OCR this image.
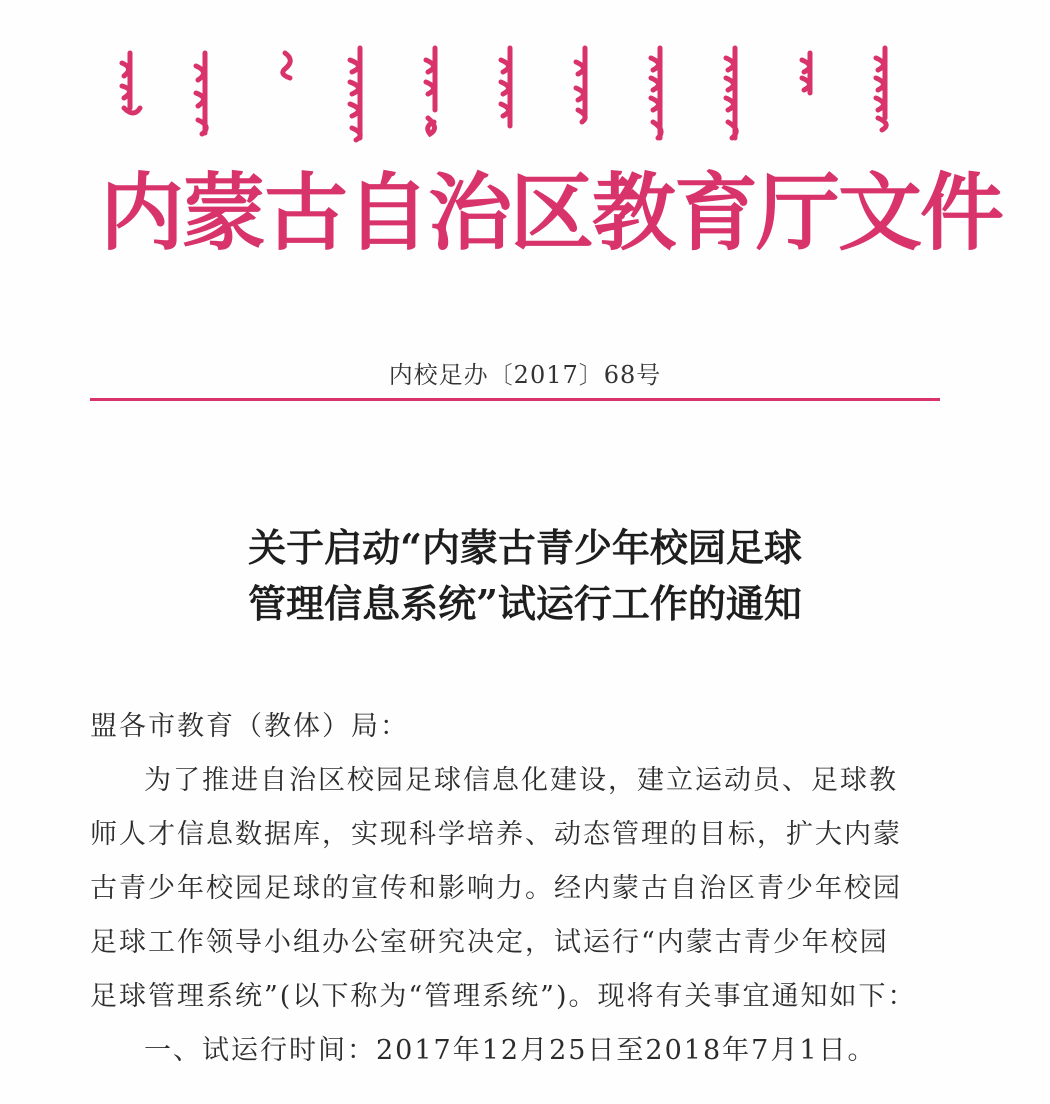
内蒙古自治区教育厅文件
内校足办〔2017〕68号
关于启动“内蒙古青少年校园足球
管理信息系统”试运行工作的通知
盟各市教育（教体）局：
为了推进自治区校园足球信息化建设，建立运动员、足球教
师人才信息数据库，实现科学培养、动态管理的目标，扩大内蒙
古青少年校园足球的宣传和影响力。经内蒙古自治区青少年校园
足球工作领导小组办公室研究决定，试运行“内蒙古青少年校园
足球管理系统”(以下称为“管理系统”)。现将有关事宜通知如下：
一、试运行时间：2017年12月25日至2018年7月1日。
